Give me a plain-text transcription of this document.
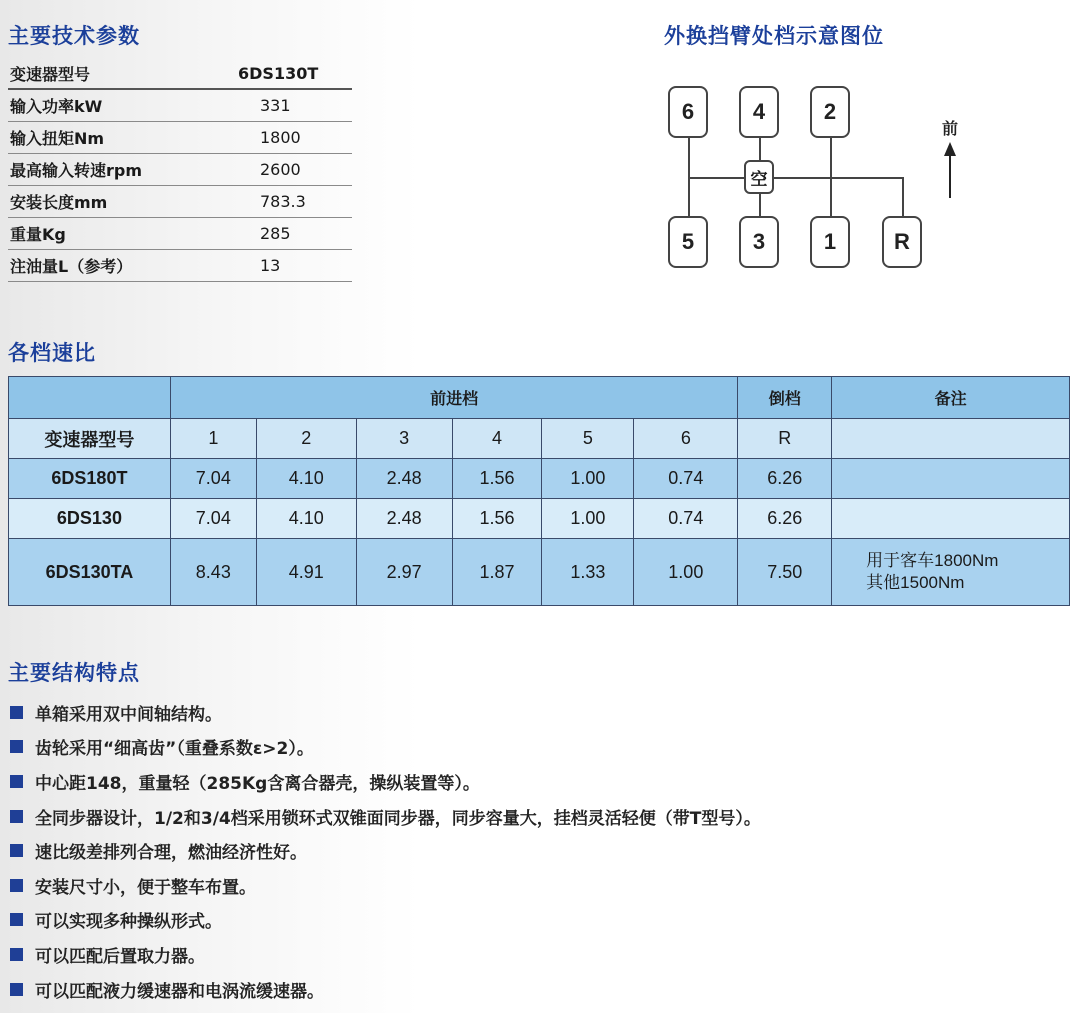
主要技术参数
变速器型号	6DS130T
输入功率kW	331
输入扭矩Nm	1800
最高输入转速rpm	2600
安装长度mm	783.3
重量Kg	285
注油量L（参考）	13
外换挡臂处档示意图位
6	4	2
空
5	3	1	R
前
各档速比
	前进档						倒档	备注
变速器型号	1	2	3	4	5	6	R	
6DS180T	7.04	4.10	2.48	1.56	1.00	0.74	6.26	
6DS130	7.04	4.10	2.48	1.56	1.00	0.74	6.26	
6DS130TA	8.43	4.91	2.97	1.87	1.33	1.00	7.50	用于客车1800Nm
其他1500Nm
主要结构特点
单箱采用双中间轴结构。
齿轮采用“细高齿”（重叠系数ε>2）。
中心距148，重量轻（285Kg含离合器壳，操纵装置等）。
全同步器设计，1/2和3/4档采用锁环式双锥面同步器，同步容量大，挂档灵活轻便（带T型号）。
速比级差排列合理，燃油经济性好。
安装尺寸小，便于整车布置。
可以实现多种操纵形式。
可以匹配后置取力器。
可以匹配液力缓速器和电涡流缓速器。
